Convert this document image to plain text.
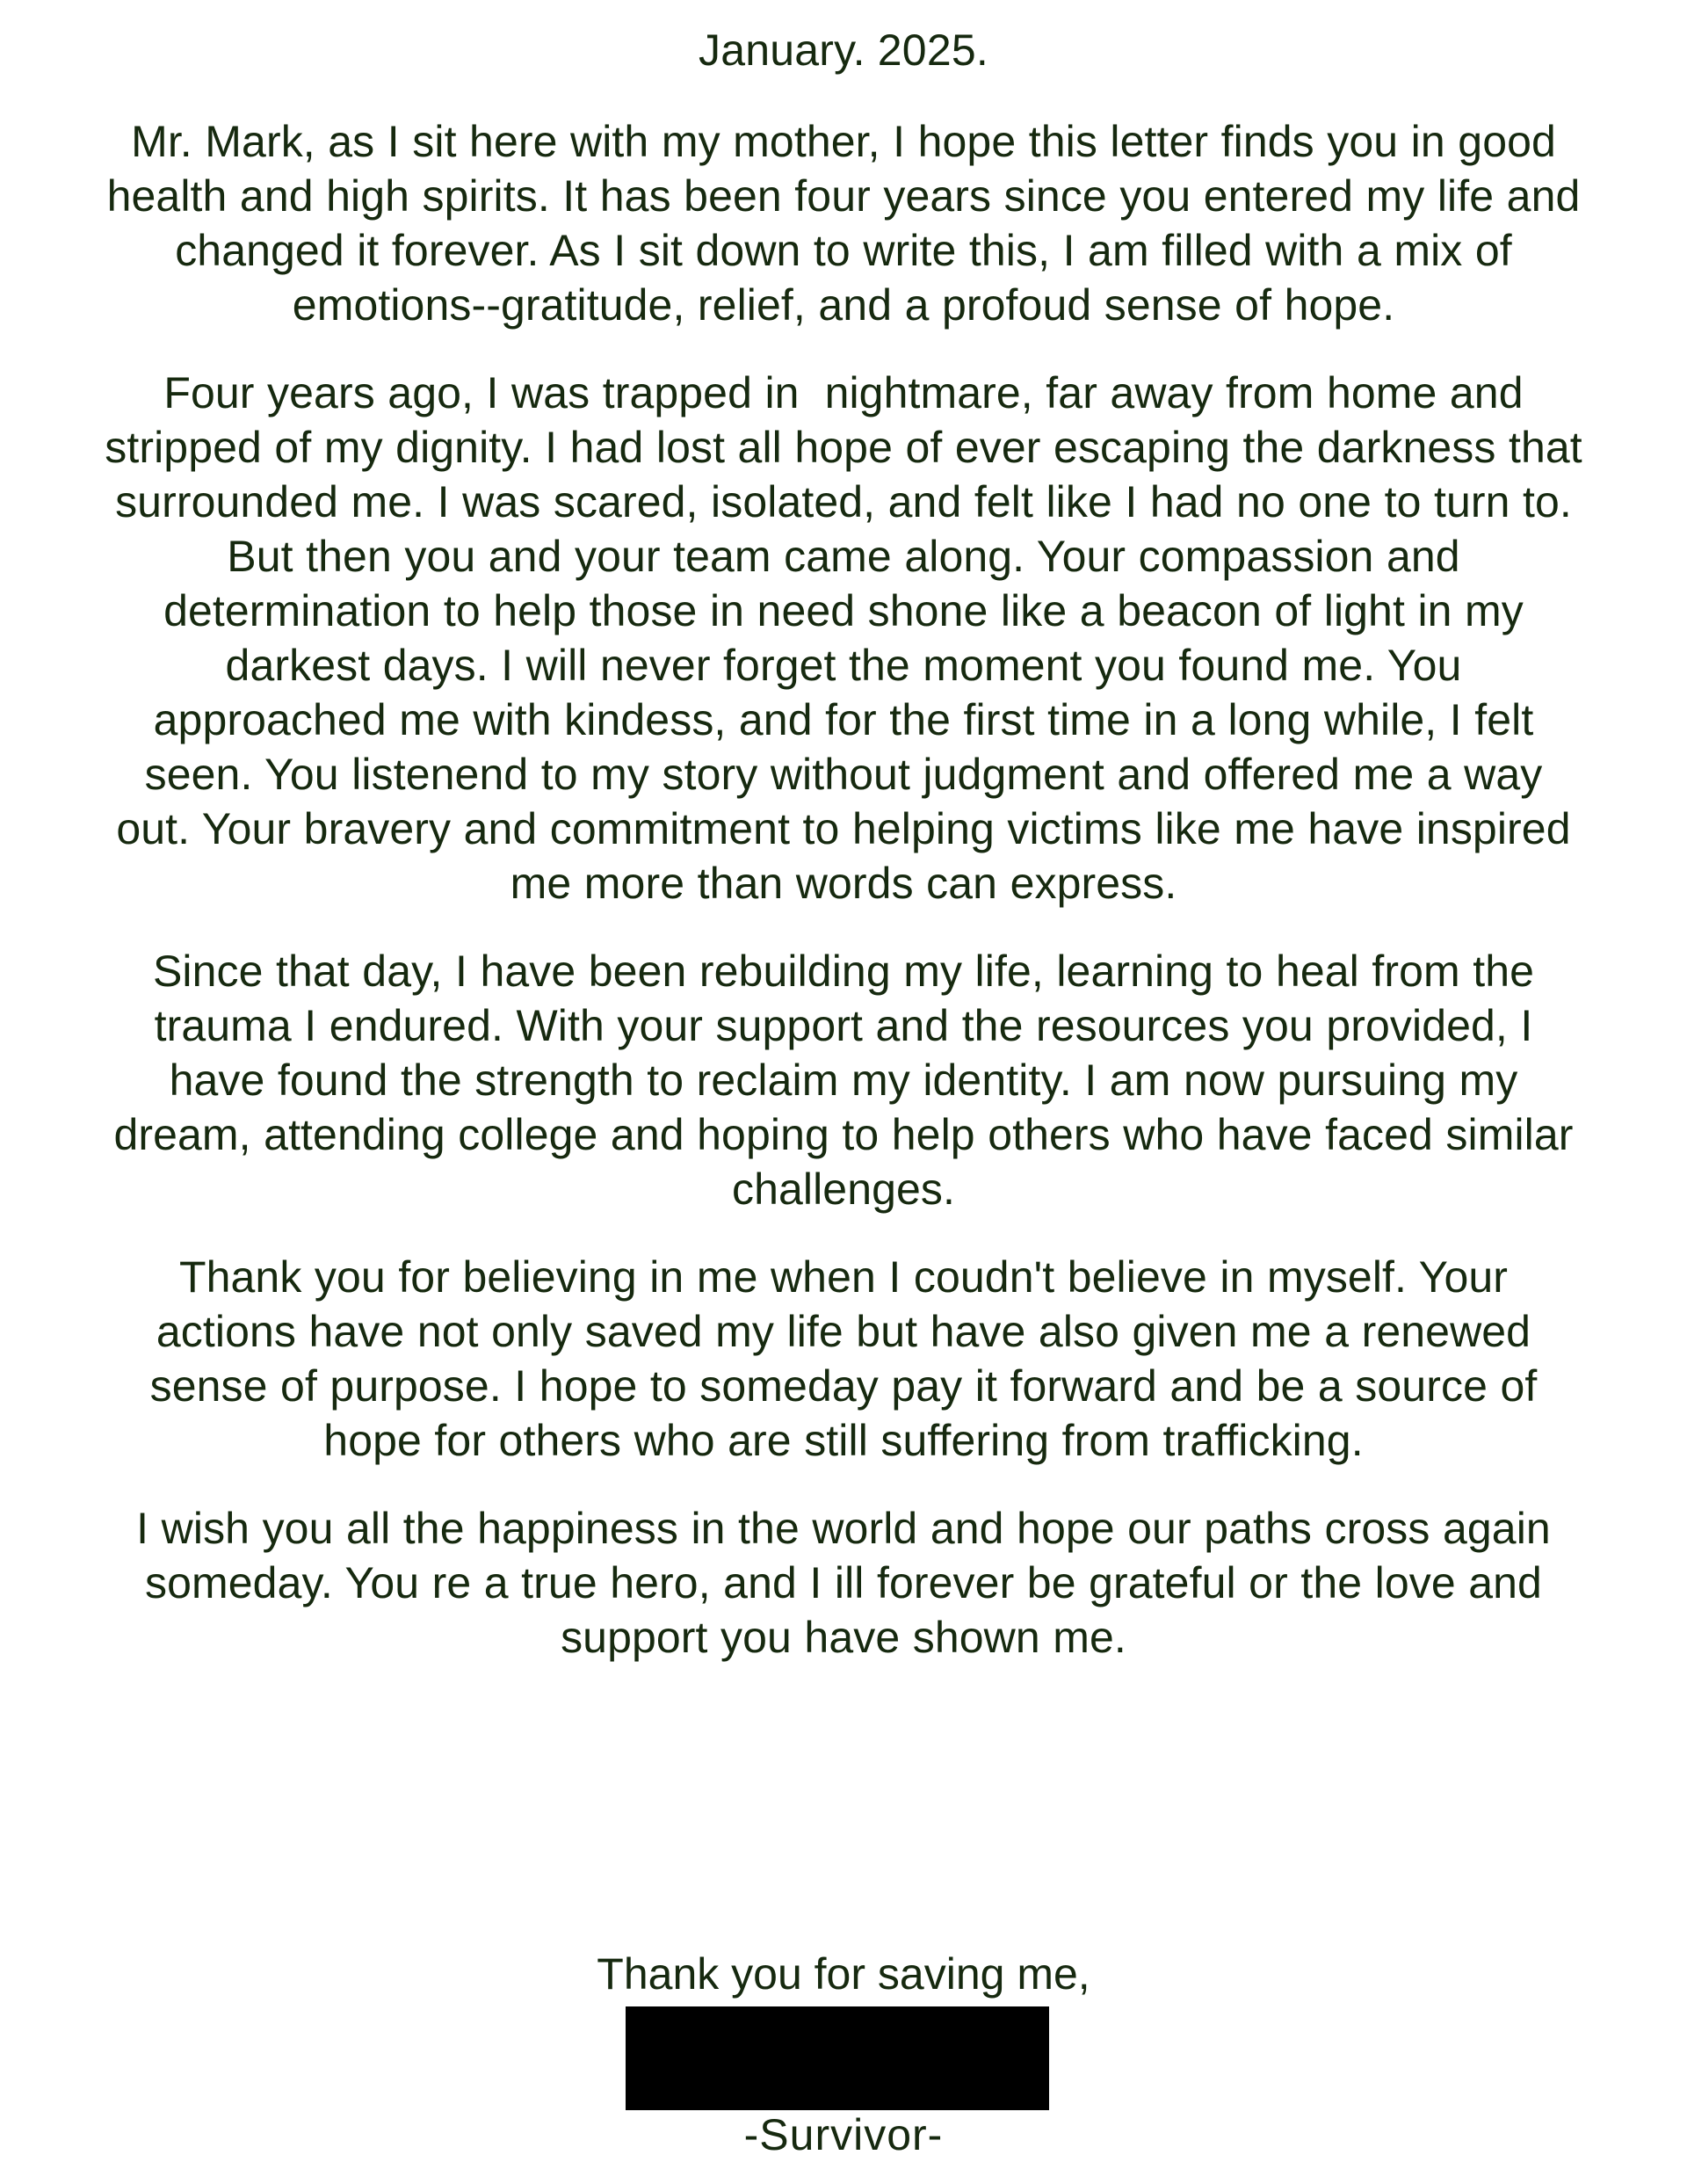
January. 2025.

Mr. Mark, as I sit here with my mother, I hope this letter finds you in good health and high spirits. It has been four years since you entered my life and changed it forever. As I sit down to write this, I am filled with a mix of emotions--gratitude, relief, and a profoud sense of hope.

Four years ago, I was trapped in  nightmare, far away from home and stripped of my dignity. I had lost all hope of ever escaping the darkness that surrounded me. I was scared, isolated, and felt like I had no one to turn to. But then you and your team came along. Your compassion and determination to help those in need shone like a beacon of light in my darkest days. I will never forget the moment you found me. You approached me with kindess, and for the first time in a long while, I felt seen. You listenend to my story without judgment and offered me a way out. Your bravery and commitment to helping victims like me have inspired me more than words can express.

Since that day, I have been rebuilding my life, learning to heal from the trauma I endured. With your support and the resources you provided, I have found the strength to reclaim my identity. I am now pursuing my dream, attending college and hoping to help others who have faced similar challenges.

Thank you for believing in me when I coudn't believe in myself. Your actions have not only saved my life but have also given me a renewed sense of purpose. I hope to someday pay it forward and be a source of hope for others who are still suffering from trafficking.

I wish you all the happiness in the world and hope our paths cross again someday. You re a true hero, and I ill forever be grateful or the love and support you have shown me.

Thank you for saving me,

-Survivor-
